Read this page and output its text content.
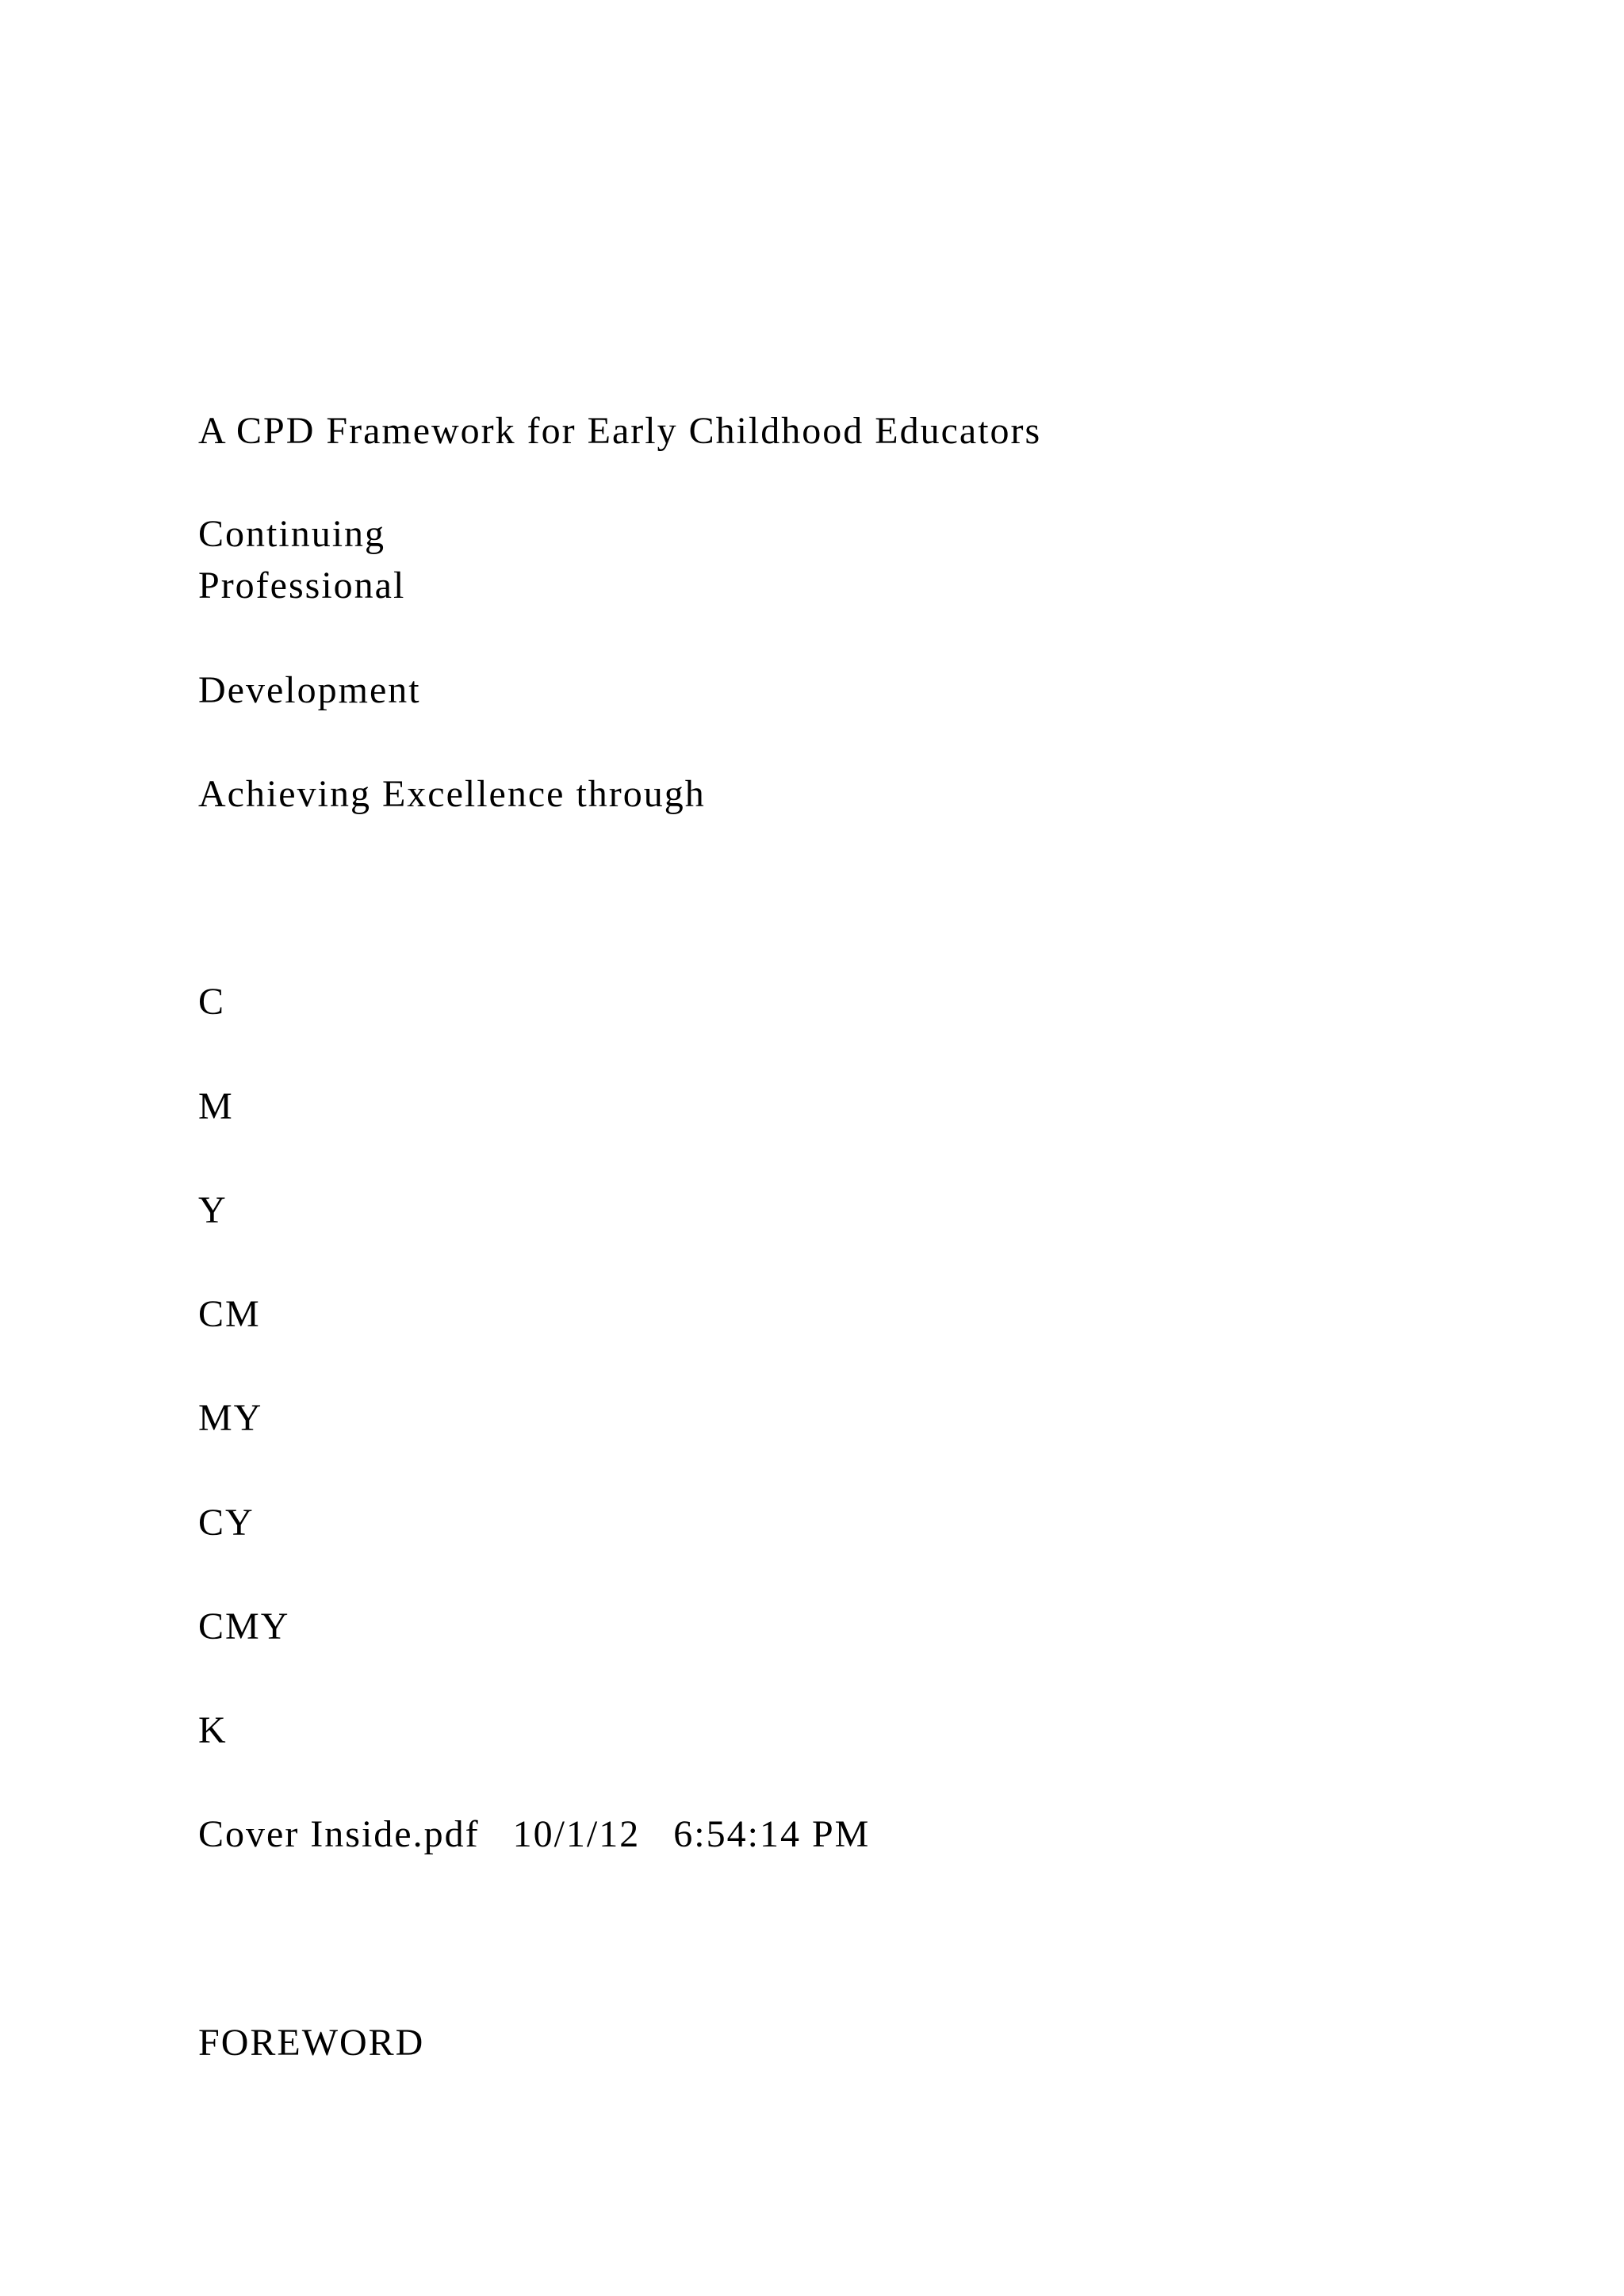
A CPD Framework for Early Childhood Educators
Continuing
Professional
Development
Achieving Excellence through
C
M
Y
CM
MY
CY
CMY
K
Cover Inside.pdf   10/1/12   6:54:14 PM
FOREWORD
